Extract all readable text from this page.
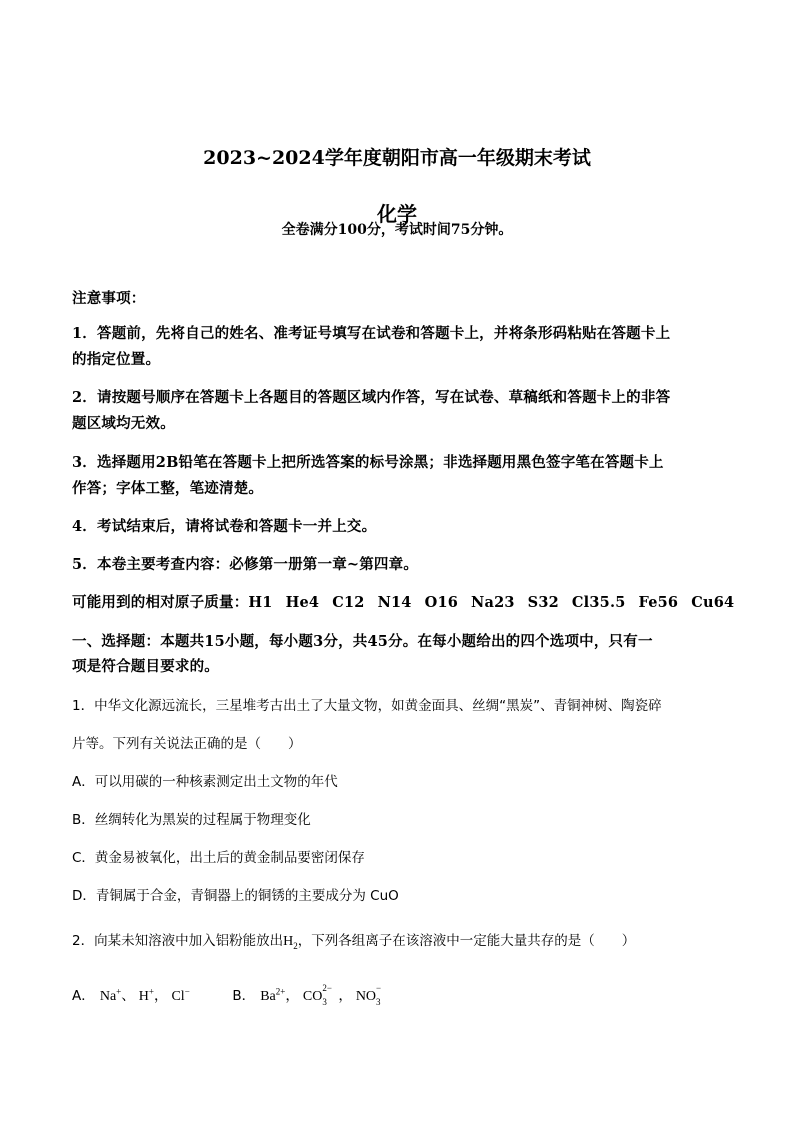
2023~2024学年度朝阳市高一年级期末考试
化学
全卷满分100分，考试时间75分钟。
注意事项：
1．答题前，先将自己的姓名、准考证号填写在试卷和答题卡上，并将条形码粘贴在答题卡上
的指定位置。
2．请按题号顺序在答题卡上各题目的答题区域内作答，写在试卷、草稿纸和答题卡上的非答
题区域均无效。
3．选择题用2B铅笔在答题卡上把所选答案的标号涂黑；非选择题用黑色签字笔在答题卡上
作答；字体工整，笔迹清楚。
4．考试结束后，请将试卷和答题卡一并上交。
5．本卷主要考查内容：必修第一册第一章~第四章。
可能用到的相对原子质量：H1 He4 C12 N14 O16 Na23 S32 Cl35.5 Fe56 Cu64
一、选择题：本题共15小题，每小题3分，共45分。在每小题给出的四个选项中，只有一
项是符合题目要求的。
1．中华文化源远流长，三星堆考古出土了大量文物，如黄金面具、丝绸“黑炭”、青铜神树、陶瓷碎
片等。下列有关说法正确的是（　　）
A．可以用碳的一种核素测定出土文物的年代
B．丝绸转化为黑炭的过程属于物理变化
C．黄金易被氧化，出土后的黄金制品要密闭保存
D．青铜属于合金，青铜器上的铜锈的主要成分为 CuO
2．向某未知溶液中加入铝粉能放出$H_2$，下列各组离子在该溶液中一定能大量共存的是（　　）
A． Na+、 H+， Cl−	B． $Ba^{2+}$， CO
2−
3 ， NO
−
3
